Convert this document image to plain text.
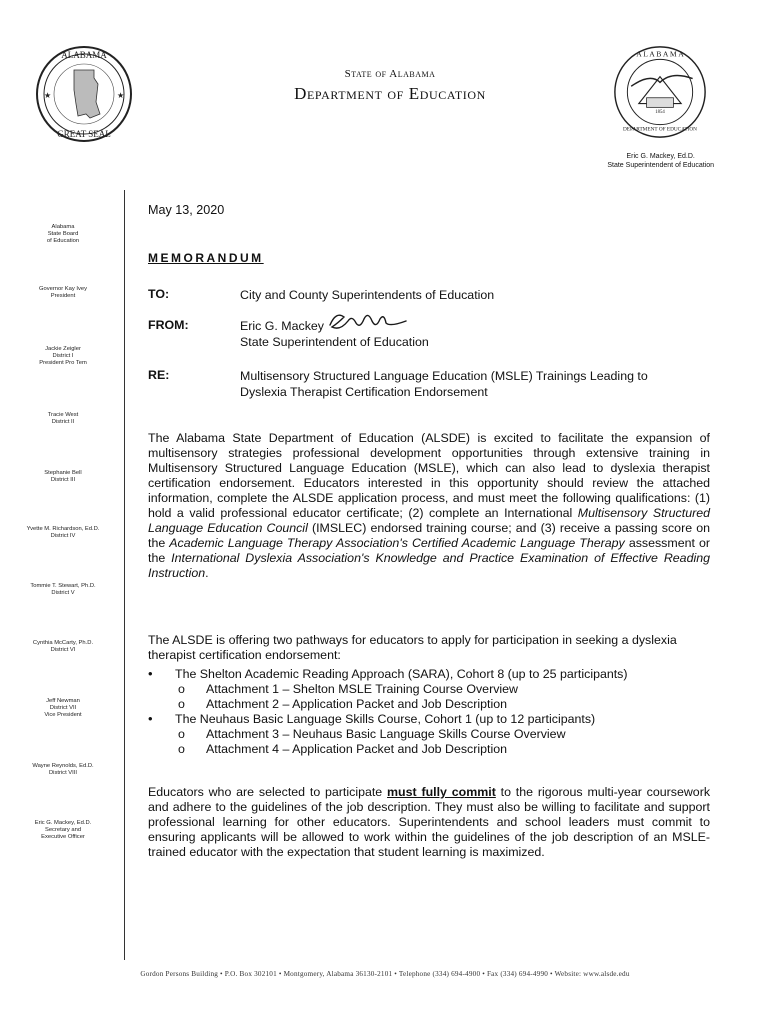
ALABAMA
GREAT SEAL
★	★
1854
A L A B A M A
DEPARTMENT OF EDUCATION
State of Alabama
Department of Education
Eric G. Mackey, Ed.D.
State Superintendent of Education
Alabama
State Board
of Education
Governor Kay Ivey
President
Jackie Zeigler
District I
President Pro Tem
Tracie West
District II
Stephanie Bell
District III
Yvette M. Richardson, Ed.D.
District IV
Tommie T. Stewart, Ph.D.
District V
Cynthia McCarty, Ph.D.
District VI
Jeff Newman
District VII
Vice President
Wayne Reynolds, Ed.D.
District VIII
Eric G. Mackey, Ed.D.
Secretary and
Executive Officer
May 13, 2020
MEMORANDUM
TO:	City and County Superintendents of Education
FROM:	Eric G. Mackey
State Superintendent of Education
RE:	Multisensory Structured Language Education (MSLE) Trainings Leading to
Dyslexia Therapist Certification Endorsement
The Alabama State Department of Education (ALSDE) is excited to facilitate the expansion of multisensory strategies professional development opportunities through extensive training in Multisensory Structured Language Education (MSLE), which can also lead to dyslexia therapist certification endorsement. Educators interested in this opportunity should review the attached information, complete the ALSDE application process, and must meet the following qualifications: (1) hold a valid professional educator certificate; (2) complete an International Multisensory Structured Language Education Council (IMSLEC) endorsed training course; and (3) receive a passing score on the Academic Language Therapy Association's Certified Academic Language Therapy assessment or the International Dyslexia Association's Knowledge and Practice Examination of Effective Reading Instruction.
The ALSDE is offering two pathways for educators to apply for participation in seeking a dyslexia therapist certification endorsement:
• The Shelton Academic Reading Approach (SARA), Cohort 8 (up to 25 participants)
o Attachment 1 – Shelton MSLE Training Course Overview
o Attachment 2 – Application Packet and Job Description
• The Neuhaus Basic Language Skills Course, Cohort 1 (up to 12 participants)
o Attachment 3 – Neuhaus Basic Language Skills Course Overview
o Attachment 4 – Application Packet and Job Description
Educators who are selected to participate must fully commit to the rigorous multi-year coursework and adhere to the guidelines of the job description. They must also be willing to facilitate and support professional learning for other educators. Superintendents and school leaders must commit to ensuring applicants will be allowed to work within the guidelines of the job description of an MSLE-trained educator with the expectation that student learning is maximized.
Gordon Persons Building • P.O. Box 302101 • Montgomery, Alabama 36130-2101 • Telephone (334) 694-4900 • Fax (334) 694-4990 • Website: www.alsde.edu
